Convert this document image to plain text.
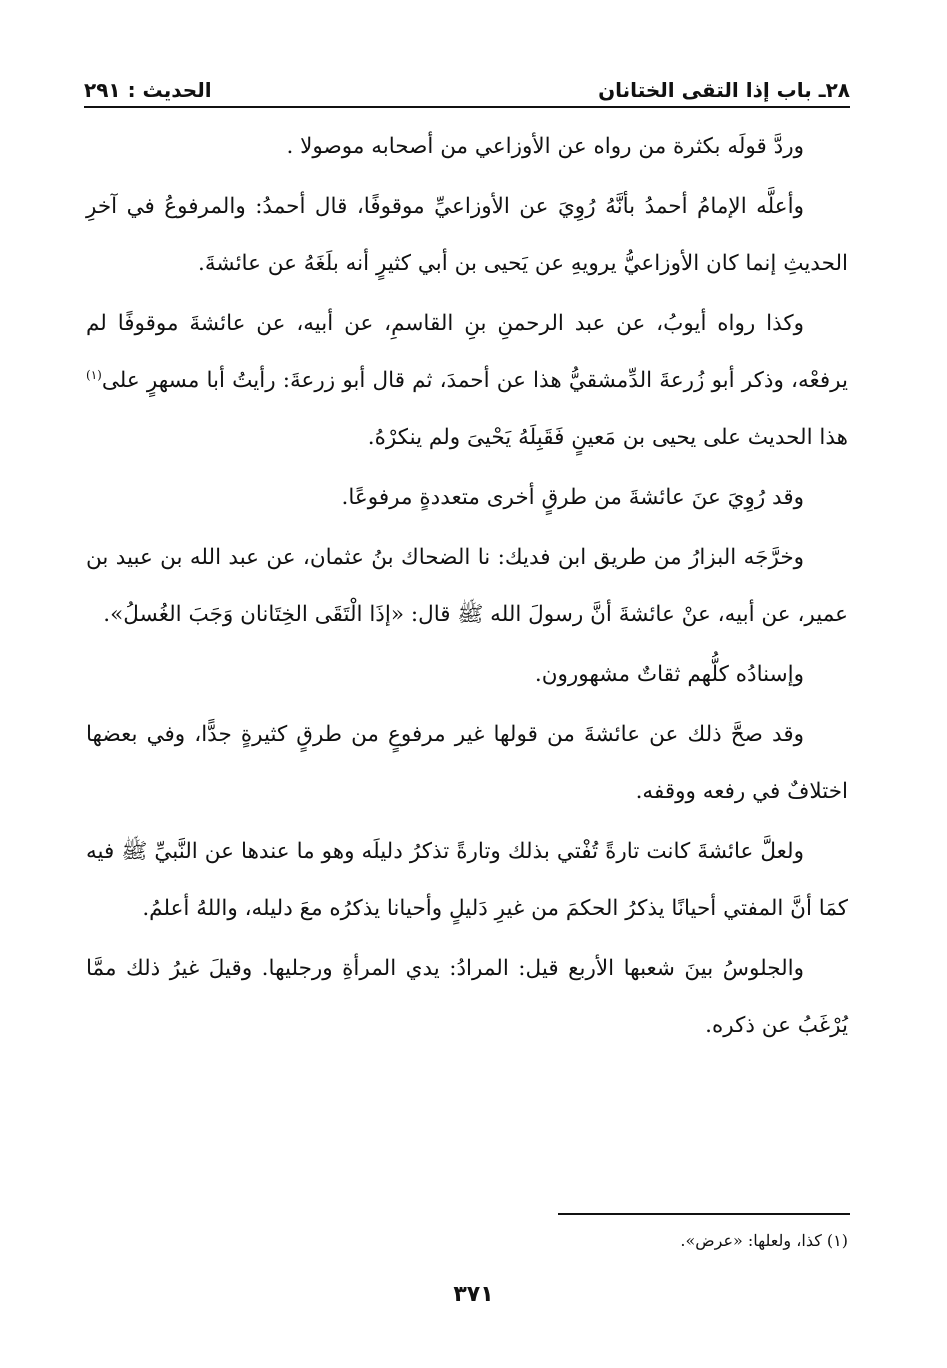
٢٨ـ باب إذا التقى الختانان
الحديث : ٢٩١

وردَّ قولَه بكثرة من رواه عن الأوزاعي من أصحابه موصولا .

وأعلَّه الإمامُ أحمدُ بأنَّهُ رُوِيَ عن الأوزاعيِّ موقوفًا، قال أحمدُ: والمرفوعُ في آخرِ الحديثِ إنما كان الأوزاعيُّ يرويهِ عن يَحيى بن أبي كثيرٍ أنه بلَغَهُ عن عائشةَ.

وكذا رواه أيوبُ، عن عبد الرحمنِ بنِ القاسمِ، عن أبيه، عن عائشةَ موقوفًا لم يرفعْه، وذكر أبو زُرعةَ الدِّمشقيُّ هذا عن أحمدَ، ثم قال أبو زرعةَ: رأيتُ أبا مسهرٍ على$^{(١)}$ هذا الحديث على يحيى بن مَعينٍ فَقَبِلَهُ يَحْيىَ ولم ينكرْهُ.

وقد رُوِيَ عنَ عائشةَ من طرقٍ أخرى متعددةٍ مرفوعًا.

وخرَّجَه البزارُ من طريق ابن فديك: نا الضحاك بنُ عثمان، عن عبد الله بن عبيد بن عمير، عن أبيه، عنْ عائشةَ أنَّ رسولَ الله ﷺ قال: «إذَا الْتَقَى الخِتَانان وَجَبَ الغُسلُ».

وإسنادُه كلُّهم ثقاتٌ مشهورون.

وقد صحَّ ذلك عن عائشةَ من قولها غير مرفوعٍ من طرقٍ كثيرةٍ جدًّا، وفي بعضها اختلافٌ في رفعه ووقفه.

ولعلَّ عائشةَ كانت تارةً تُفْتي بذلك وتارةً تذكرُ دليلَه وهو ما عندها عن النَّبيِّ ﷺ فيه كمَا أنَّ المفتي أحيانًا يذكرُ الحكمَ من غيرِ دَليلٍ وأحيانا يذكرُه معَ دليله، واللهُ أعلمُ.

والجلوسُ بينَ شعبها الأربع قيل: المرادُ: يدي المرأةِ ورجليها. وقيلَ غيرُ ذلك ممَّا يُرْغَبُ عن ذكره.

(١) كذا، ولعلها: «عرض».

٣٧١
